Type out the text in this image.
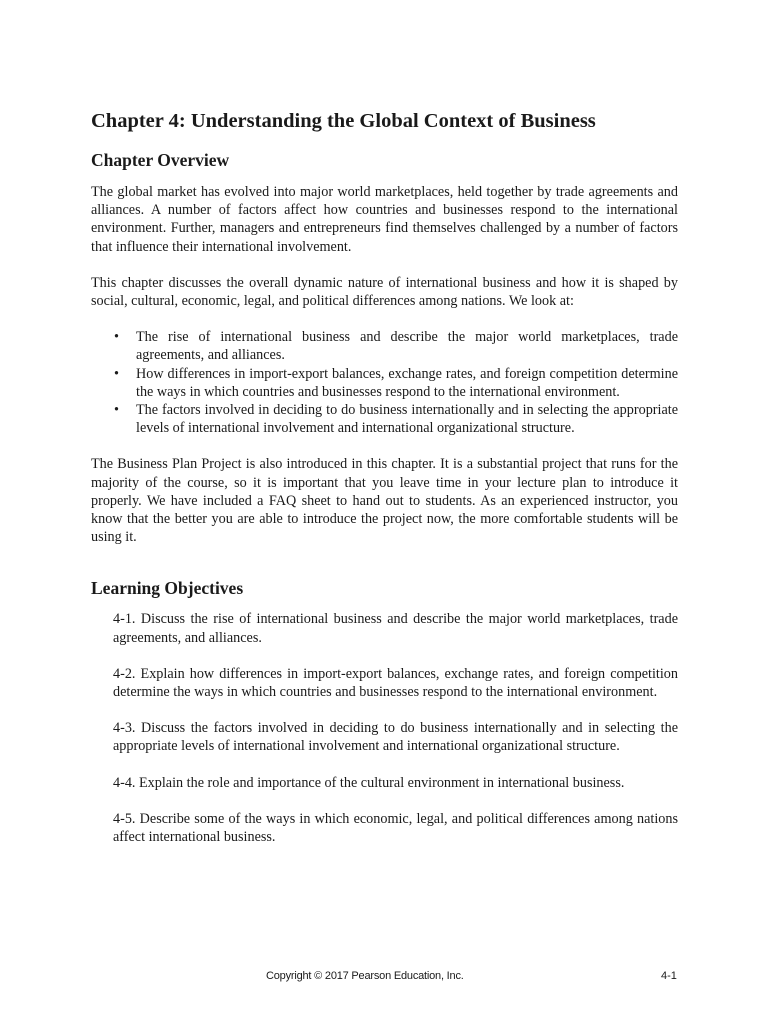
Chapter 4: Understanding the Global Context of Business
Chapter Overview

The global market has evolved into major world marketplaces, held together by trade agreements and alliances. A number of factors affect how countries and businesses respond to the international environment. Further, managers and entrepreneurs find themselves challenged by a number of factors that influence their international involvement.

This chapter discusses the overall dynamic nature of international business and how it is shaped by social, cultural, economic, legal, and political differences among nations. We look at:

• The rise of international business and describe the major world marketplaces, trade agreements, and alliances.
• How differences in import-export balances, exchange rates, and foreign competition determine the ways in which countries and businesses respond to the international environment.
• The factors involved in deciding to do business internationally and in selecting the appropriate levels of international involvement and international organizational structure.

The Business Plan Project is also introduced in this chapter. It is a substantial project that runs for the majority of the course, so it is important that you leave time in your lecture plan to introduce it properly. We have included a FAQ sheet to hand out to students. As an experienced instructor, you know that the better you are able to introduce the project now, the more comfortable students will be using it.

Learning Objectives

4-1. Discuss the rise of international business and describe the major world marketplaces, trade agreements, and alliances.

4-2. Explain how differences in import-export balances, exchange rates, and foreign competition determine the ways in which countries and businesses respond to the international environment.

4-3. Discuss the factors involved in deciding to do business internationally and in selecting the appropriate levels of international involvement and international organizational structure.

4-4. Explain the role and importance of the cultural environment in international business.

4-5. Describe some of the ways in which economic, legal, and political differences among nations affect international business.

Copyright © 2017 Pearson Education, Inc.	4-1
